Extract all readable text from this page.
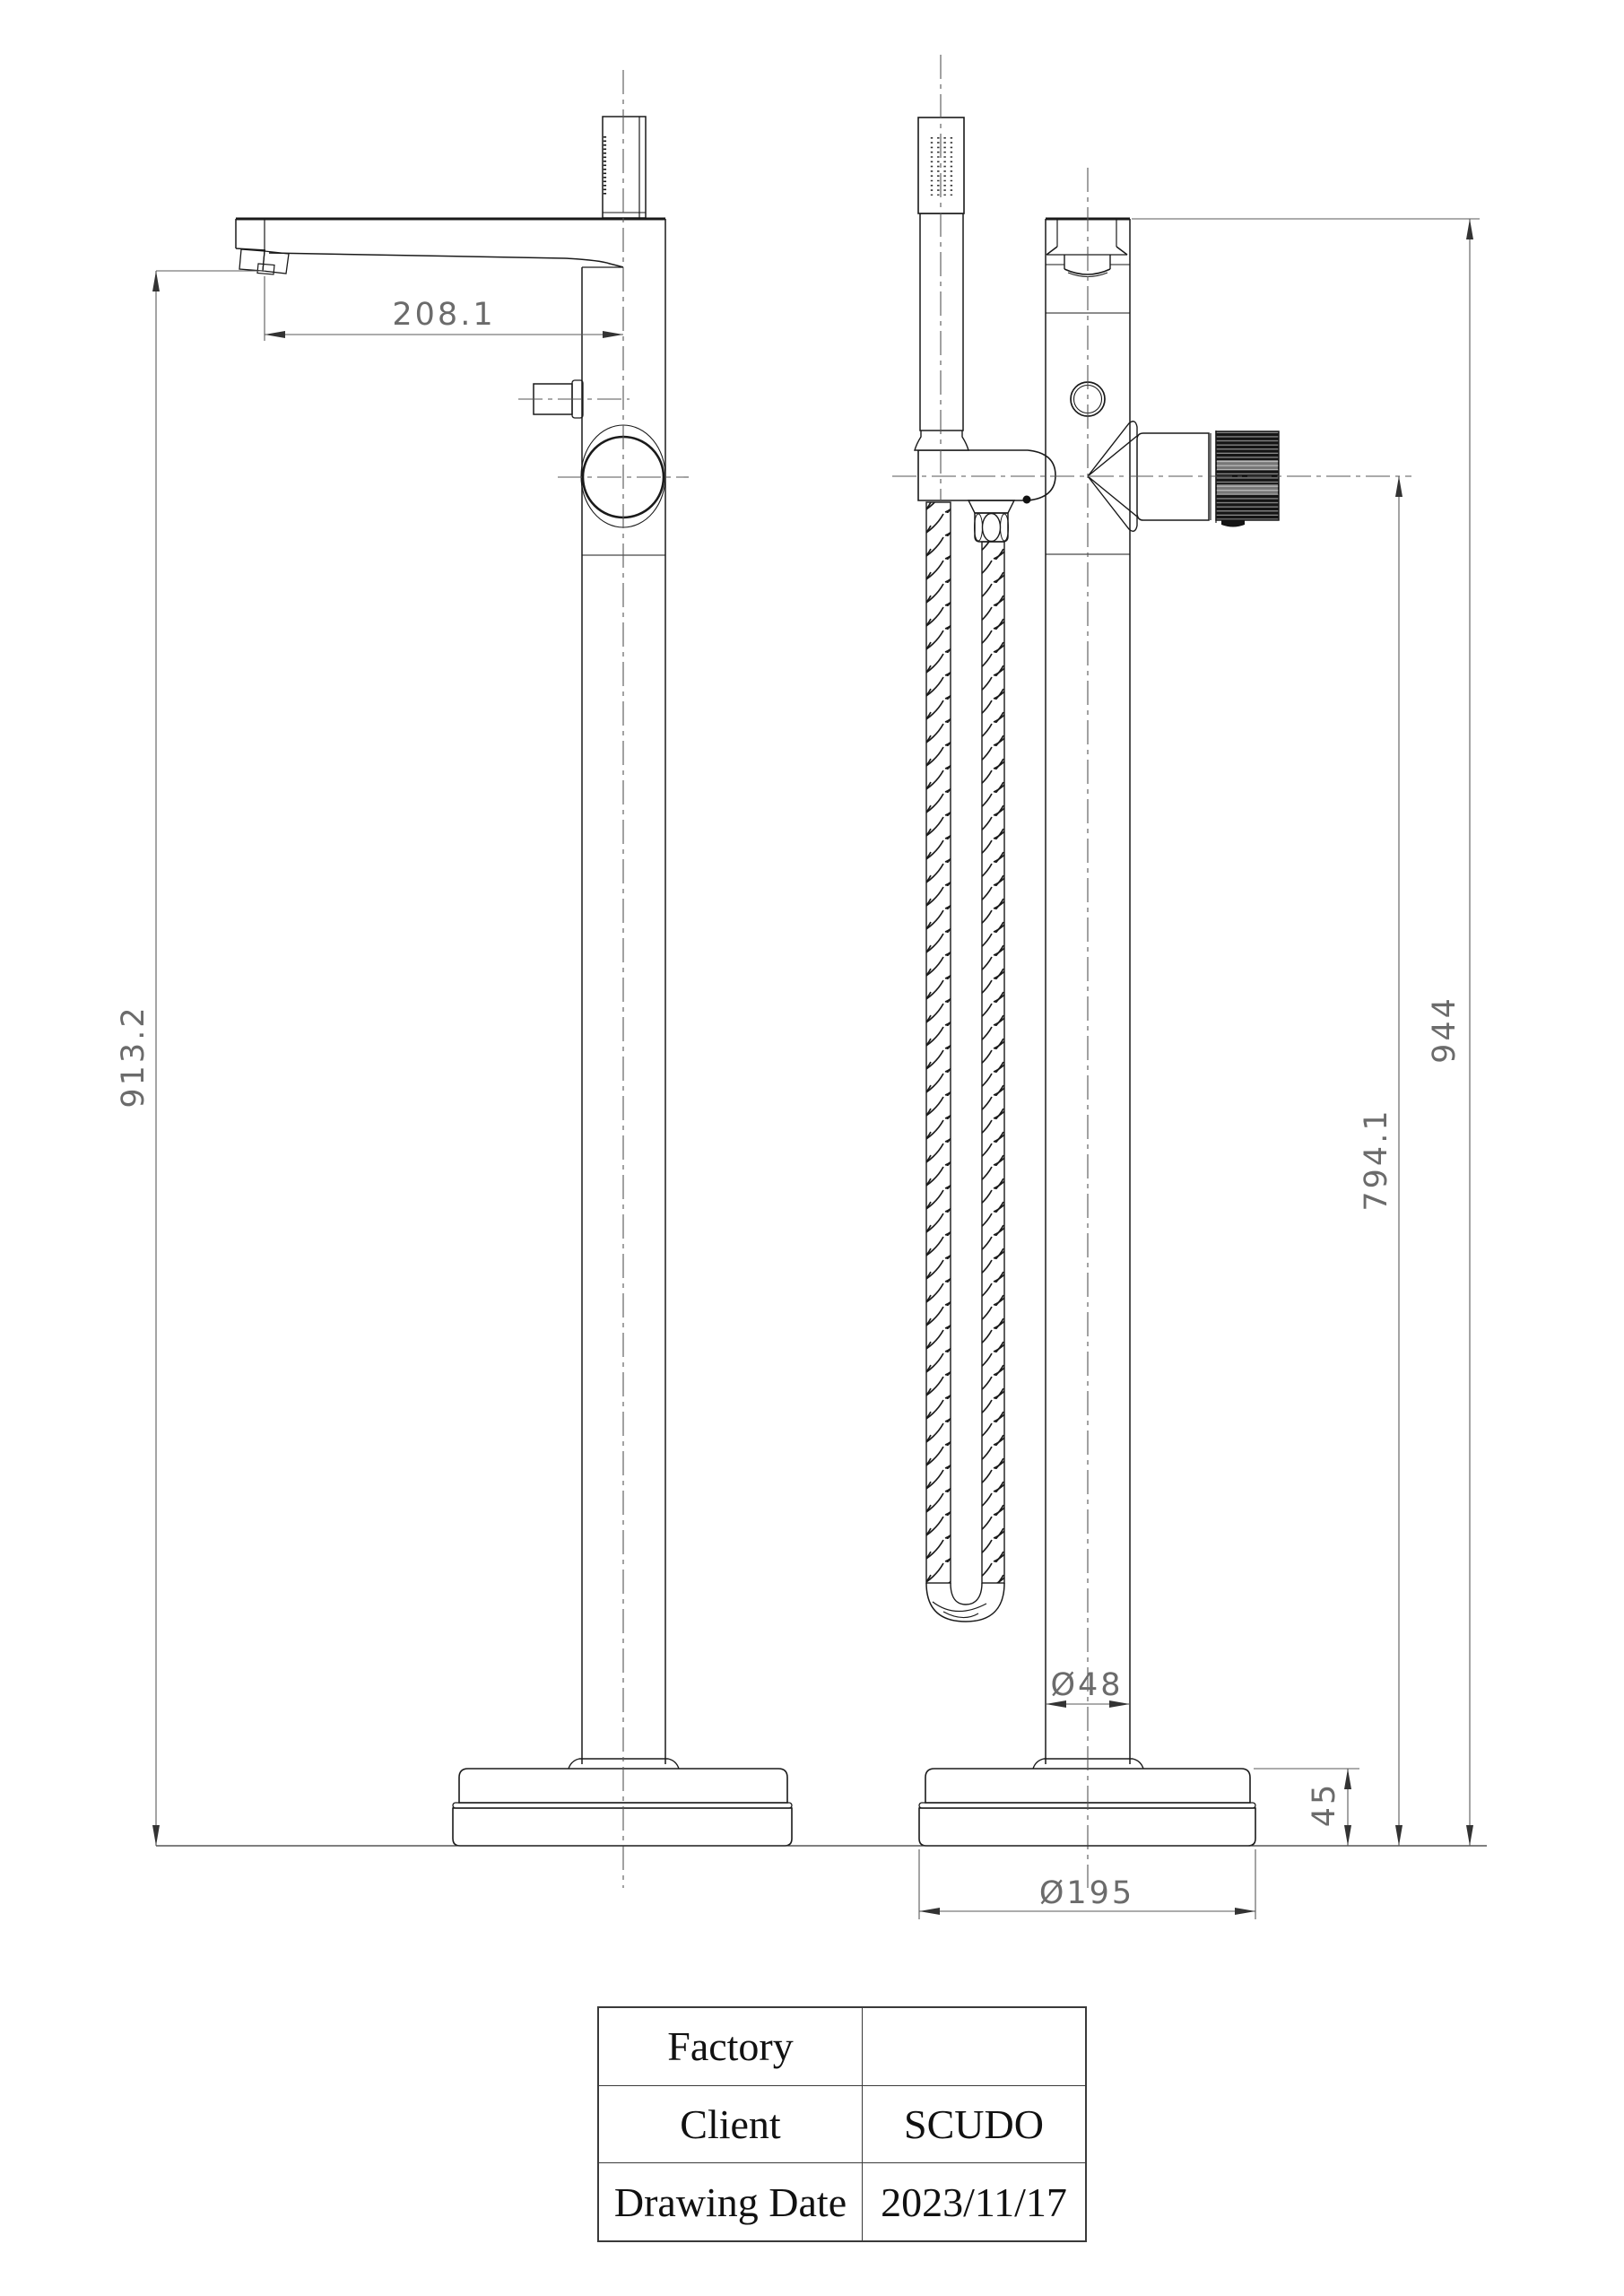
208.1
913.2	944
794.1
Ø48
Ø195
45
Factory
Client	SCUDO
Drawing Date 2023/11/17
